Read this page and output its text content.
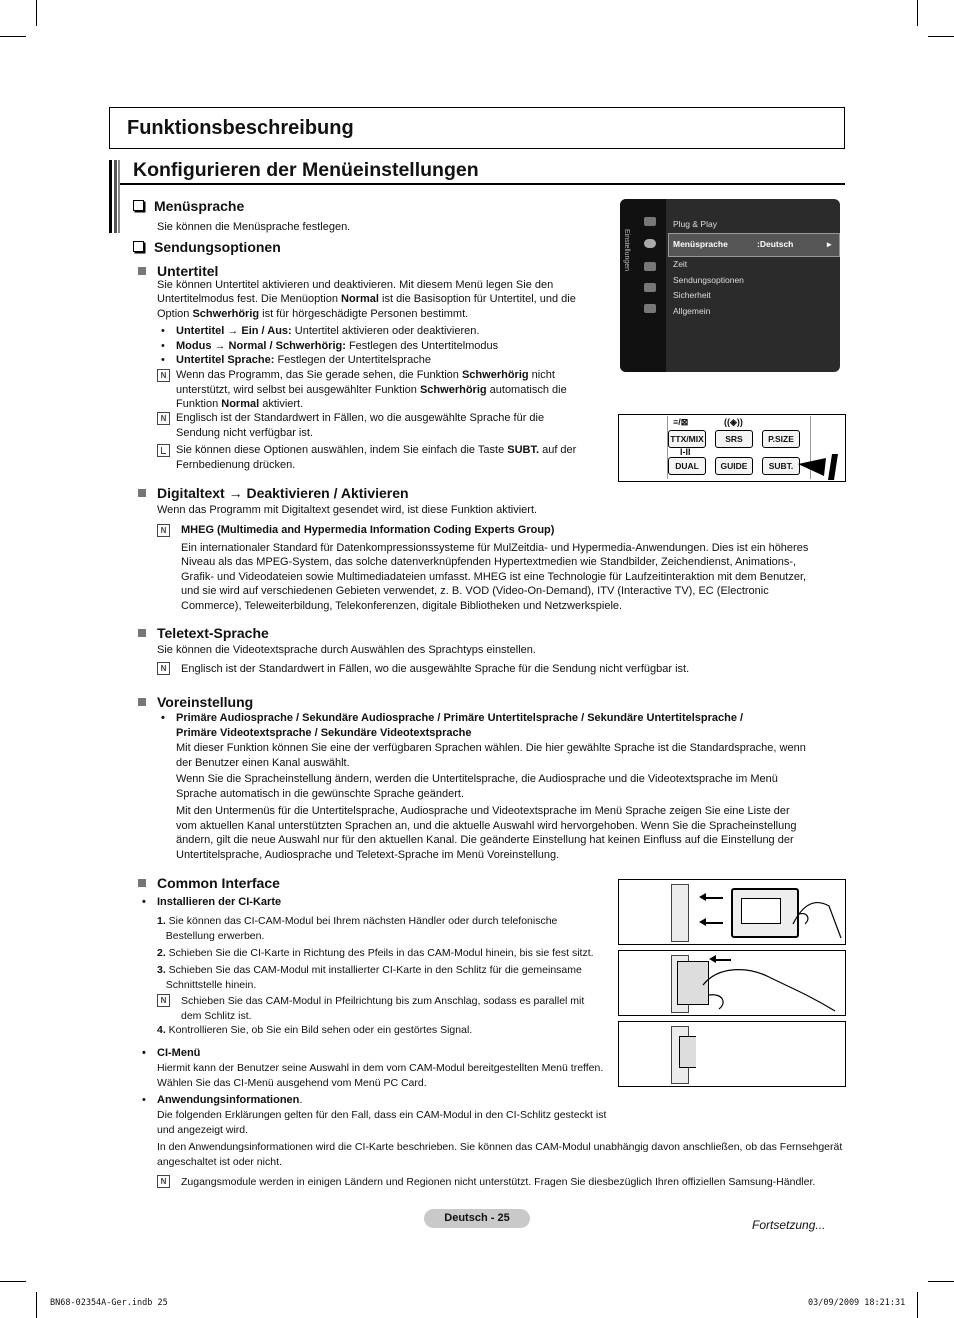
Funktionsbeschreibung
Konfigurieren der Menüeinstellungen
Menüsprache
Sie können die Menüsprache festlegen.
Sendungsoptionen
Untertitel
Sie können Untertitel aktivieren und deaktivieren. Mit diesem Menü legen Sie den
Untertitelmodus fest. Die Menüoption Normal ist die Basisoption für Untertitel, und die
Option Schwerhörig ist für hörgeschädigte Personen bestimmt.
• Untertitel → Ein / Aus: Untertitel aktivieren oder deaktivieren.
• Modus → Normal / Schwerhörig: Festlegen des Untertitelmodus
• Untertitel Sprache: Festlegen der Untertitelsprache
N
Wenn das Programm, das Sie gerade sehen, die Funktion Schwerhörig nicht
unterstützt, wird selbst bei ausgewählter Funktion Schwerhörig automatisch die
Funktion Normal aktiviert.
N
Englisch ist der Standardwert in Fällen, wo die ausgewählte Sprache für die
Sendung nicht verfügbar ist.
Sie können diese Optionen auswählen, indem Sie einfach die Taste SUBT. auf der
Fernbedienung drücken.
Einstellungen
Plug & Play
Menüsprache	:Deutsch	▸
Zeit
Sendungsoptionen
Sicherheit
Allgemein
≡/⊠	((◈))
TTX/MIX	SRS	P.SIZE
I-II
DUAL	GUIDE	SUBT.
Digitaltext → Deaktivieren / Aktivieren
Wenn das Programm mit Digitaltext gesendet wird, ist diese Funktion aktiviert.
N
MHEG (Multimedia and Hypermedia Information Coding Experts Group)
Ein internationaler Standard für Datenkompressionssysteme für MulZeitdia- und Hypermedia-Anwendungen. Dies ist ein höheres
Niveau als das MPEG-System, das solche datenverknüpfenden Hypertextmedien wie Standbilder, Zeichendienst, Animations-,
Grafik- und Videodateien sowie Multimediadateien umfasst. MHEG ist eine Technologie für Laufzeitinteraktion mit dem Benutzer,
und sie wird auf verschiedenen Gebieten verwendet, z. B. VOD (Video-On-Demand), ITV (Interactive TV), EC (Electronic
Commerce), Teleweiterbildung, Telekonferenzen, digitale Bibliotheken und Netzwerkspiele.
Teletext-Sprache
Sie können die Videotextsprache durch Auswählen des Sprachtyps einstellen.
N
Englisch ist der Standardwert in Fällen, wo die ausgewählte Sprache für die Sendung nicht verfügbar ist.
Voreinstellung
• Primäre Audiosprache / Sekundäre Audiosprache / Primäre Untertitelsprache / Sekundäre Untertitelsprache /
Primäre Videotextsprache / Sekundäre Videotextsprache
Mit dieser Funktion können Sie eine der verfügbaren Sprachen wählen. Die hier gewählte Sprache ist die Standardsprache, wenn
der Benutzer einen Kanal auswählt.
Wenn Sie die Spracheinstellung ändern, werden die Untertitelsprache, die Audiosprache und die Videotextsprache im Menü
Sprache automatisch in die gewünschte Sprache geändert.
Mit den Untermenüs für die Untertitelsprache, Audiosprache und Videotextsprache im Menü Sprache zeigen Sie eine Liste der
vom aktuellen Kanal unterstützten Sprachen an, und die aktuelle Auswahl wird hervorgehoben. Wenn Sie die Spracheinstellung
ändern, gilt die neue Auswahl nur für den aktuellen Kanal. Die geänderte Einstellung hat keinen Einfluss auf die Einstellung der
Untertitelsprache, Audiosprache und Teletext-Sprache im Menü Voreinstellung.
Common Interface
• Installieren der CI-Karte
1. Sie können das CI-CAM-Modul bei Ihrem nächsten Händler oder durch telefonische
Bestellung erwerben.
2. Schieben Sie die CI-Karte in Richtung des Pfeils in das CAM-Modul hinein, bis sie fest sitzt.
3. Schieben Sie das CAM-Modul mit installierter CI-Karte in den Schlitz für die gemeinsame
Schnittstelle hinein.
N
Schieben Sie das CAM-Modul in Pfeilrichtung bis zum Anschlag, sodass es parallel mit
dem Schlitz ist.
4. Kontrollieren Sie, ob Sie ein Bild sehen oder ein gestörtes Signal.
• CI-Menü
Hiermit kann der Benutzer seine Auswahl in dem vom CAM-Modul bereitgestellten Menü treffen.
Wählen Sie das CI-Menü ausgehend vom Menü PC Card.
• Anwendungsinformationen.
Die folgenden Erklärungen gelten für den Fall, dass ein CAM-Modul in den CI-Schlitz gesteckt ist
und angezeigt wird.
In den Anwendungsinformationen wird die CI-Karte beschrieben. Sie können das CAM-Modul unabhängig davon anschließen, ob das Fernsehgerät
angeschaltet ist oder nicht.
N
Zugangsmodule werden in einigen Ländern und Regionen nicht unterstützt. Fragen Sie diesbezüglich Ihren offiziellen Samsung-Händler.
Deutsch - 25	Fortsetzung...
BN68-02354A-Ger.indb 25	03/09/2009 18:21:31
